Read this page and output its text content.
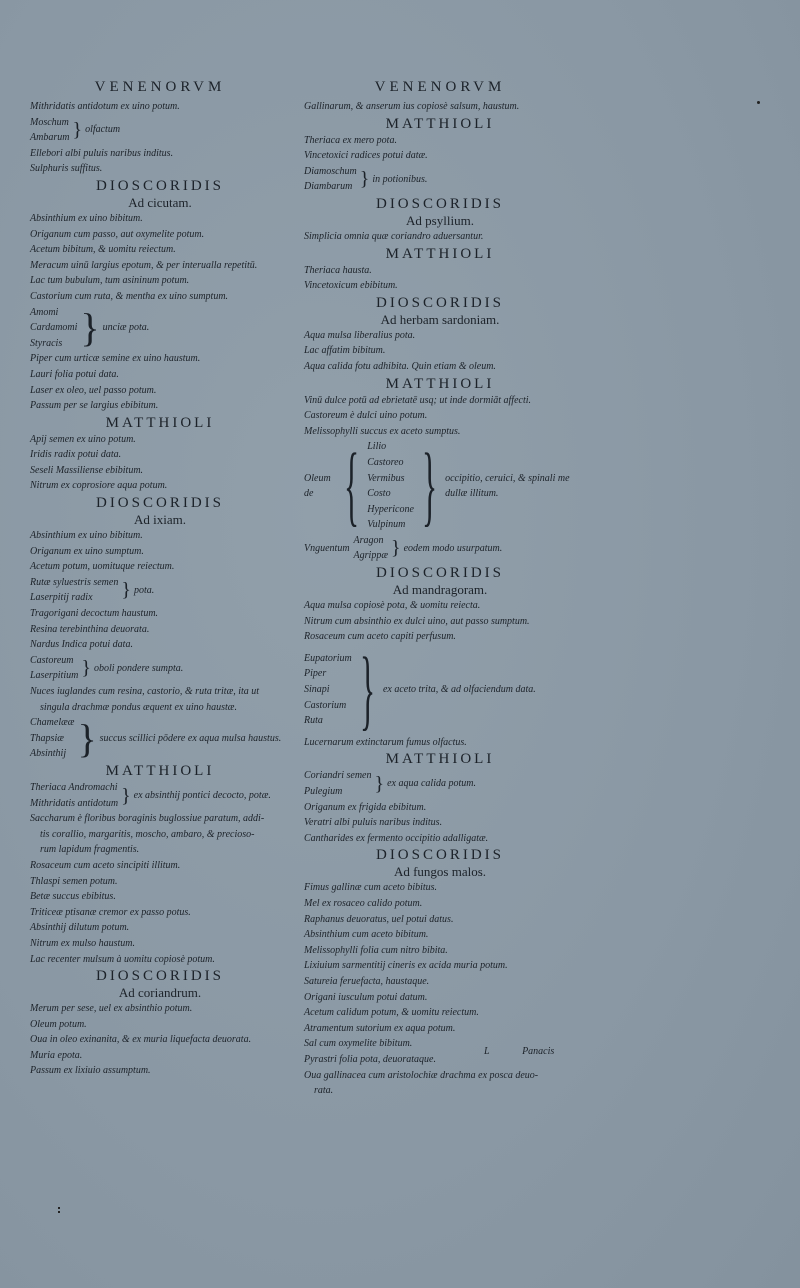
VENENORVM
Mithridatis antidotum ex uino potum.
Moschum
Ambarum } olfactum
Ellebori albi puluis naribus inditus.
Sulphuris suffitus.
DIOSCORIDIS
Ad cicutam.
Absinthium ex uino bibitum.
Origanum cum passo, aut oxymelite potum.
Acetum bibitum, & uomitu reiectum.
Meracum uinū largius epotum, & per interualla repetitū.
Lac tum bubulum, tum asininum potum.
Castorium cum ruta, & mentha ex uino sumptum.
Amomi
Cardamomi
Styracis } unciæ pota.
Piper cum urticæ semine ex uino haustum.
Lauri folia potui data.
Laser ex oleo, uel passo potum.
Passum per se largius ebibitum.
MATTHIOLI
Apij semen ex uino potum.
Iridis radix potui data.
Seseli Massiliense ebibitum.
Nitrum ex coprosiore aqua potum.
DIOSCORIDIS
Ad ixiam.
Absinthium ex uino bibitum.
Origanum ex uino sumptum.
Acetum potum, uomituque reiectum.
Rutæ syluestris semen
Laserpitij radix	} pota.
Tragorigani decoctum haustum.
Resina terebinthina deuorata.
Nardus Indica potui data.
Castoreum
Laserpitium } oboli pondere sumpta.
Nuces iuglandes cum resina, castorio, & ruta tritæ, ita ut
singula drachmæ pondus æquent ex uino haustæ.
Chamelææ
Thapsiæ
Absinthij } succus scillici pōdere ex aqua mulsa haustus.
MATTHIOLI
Theriaca Andromachi
Mithridatis antidotum } ex absinthij pontici decocto, potæ.
Saccharum è floribus boraginis buglossiue paratum, addi-
tis corallio, margaritis, moscho, ambaro, & precioso-
rum lapidum fragmentis.
Rosaceum cum aceto sincipiti illitum.
Thlaspi semen potum.
Betæ succus ebibitus.
Triticeæ ptisanæ cremor ex passo potus.
Absinthij dilutum potum.
Nitrum ex mulso haustum.
Lac recenter mulsum à uomitu copiosè potum.
DIOSCORIDIS
Ad coriandrum.
Merum per sese, uel ex absinthio potum.
Oleum potum.
Oua in oleo exinanita, & ex muria liquefacta deuorata.
Muria epota.
Passum ex lixiuio assumptum.
VENENORVM
Gallinarum, & anserum ius copiosè salsum, haustum.
MATTHIOLI
Theriaca ex mero pota.
Vincetoxici radices potui datæ.
Diamoschum
Diambarum } in potionibus.
DIOSCORIDIS
Ad psyllium.
Simplicia omnia quæ coriandro aduersantur.
MATTHIOLI
Theriaca hausta.
Vincetoxicum ebibitum.
DIOSCORIDIS
Ad herbam sardoniam.
Aqua mulsa liberalius pota.
Lac affatim bibitum.
Aqua calida fotu adhibita. Quin etiam & oleum.
MATTHIOLI
Vinū dulce potū ad ebrietatē usq; ut inde dormiāt affecti.
Castoreum è dulci uino potum.
Melissophylli succus ex aceto sumptus.
Oleum de { Lilio
Castoreo
Vermibus
Costo
Hypericone
Vulpinum } occipitio, ceruici, & spinali me dullæ illitum.
Vnguentum
Aragon
Agrippæ } eodem modo usurpatum.
DIOSCORIDIS
Ad mandragoram.
Aqua mulsa copiosè pota, & uomitu reiecta.
Nitrum cum absinthio ex dulci uino, aut passo sumptum.
Rosaceum cum aceto capiti perfusum.
Eupatorium
Piper
Sinapi
Castorium
Ruta } ex aceto trita, & ad olfaciendum data.
Lucernarum extinctarum fumus olfactus.
MATTHIOLI
Coriandri semen
Pulegium	} ex aqua calida potum.
Origanum ex frigida ebibitum.
Veratri albi puluis naribus inditus.
Cantharides ex fermento occipitio adalligatæ.
DIOSCORIDIS
Ad fungos malos.
Fimus gallinæ cum aceto bibitus.
Mel ex rosaceo calido potum.
Raphanus deuoratus, uel potui datus.
Absinthium cum aceto bibitum.
Melissophylli folia cum nitro bibita.
Lixiuium sarmentitij cineris ex acida muria potum.
Satureia feruefacta, haustaque.
Origani iusculum potui datum.
Acetum calidum potum, & uomitu reiectum.
Atramentum sutorium ex aqua potum.
Sal cum oxymelite bibitum.
Pyrastri folia pota, deuorataque.
Oua gallinacea cum aristolochiæ drachma ex posca deuo-
rata.
L	Panacis
